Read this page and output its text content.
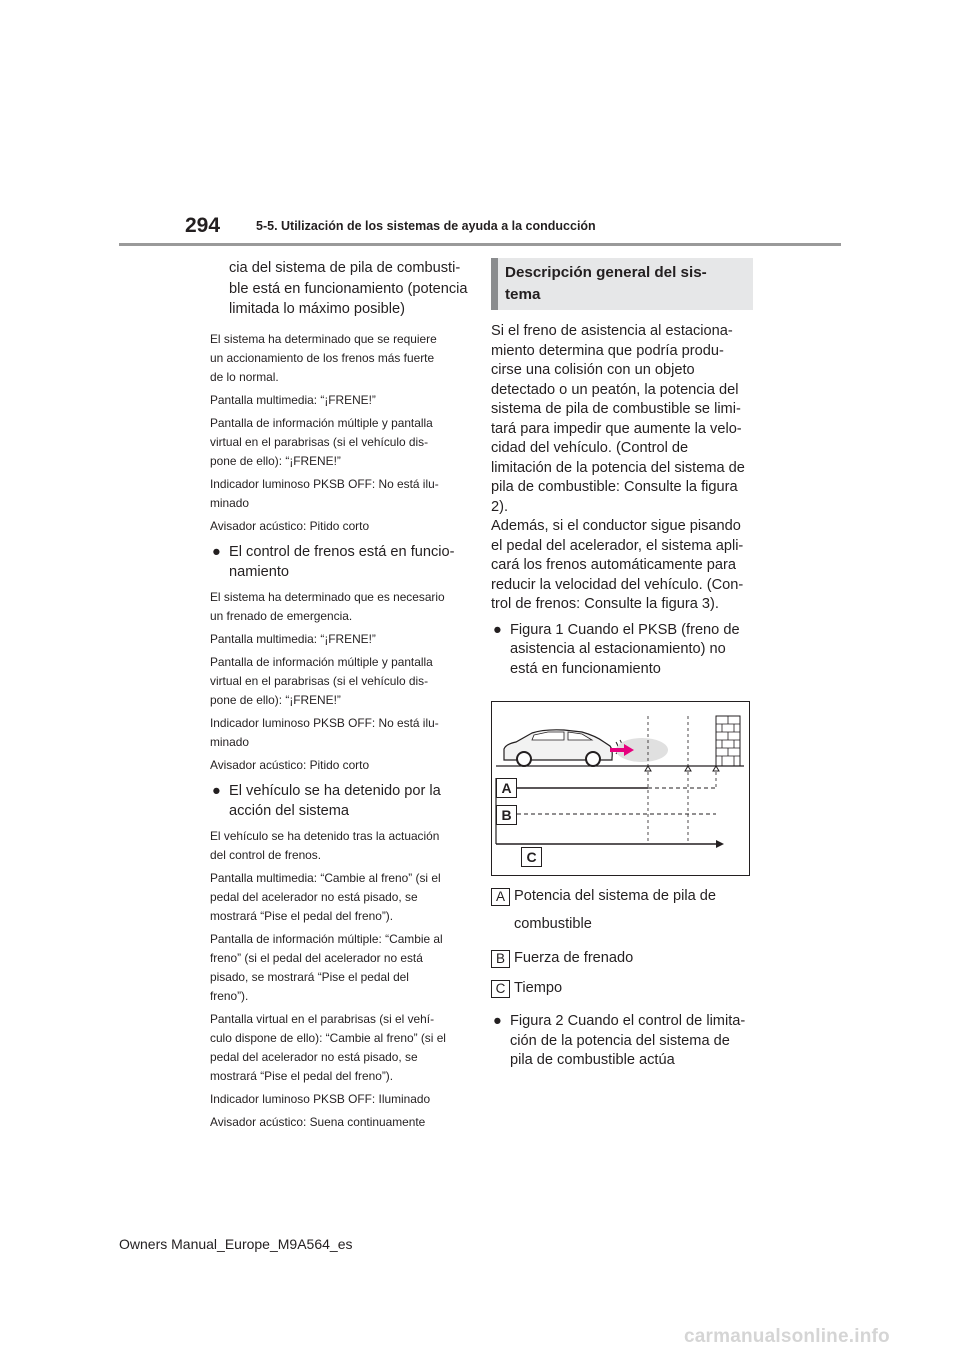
294	5-5. Utilización de los sistemas de ayuda a la conducción

cia del sistema de pila de combusti-
ble está en funcionamiento (potencia
limitada lo máximo posible)

El sistema ha determinado que se requiere
un accionamiento de los frenos más fuerte
de lo normal.

Pantalla multimedia: “¡FRENE!”

Pantalla de información múltiple y pantalla
virtual en el parabrisas (si el vehículo dis-
pone de ello): “¡FRENE!”

Indicador luminoso PKSB OFF: No está ilu-
minado

Avisador acústico: Pitido corto

● El control de frenos está en funcio-
namiento

El sistema ha determinado que es necesario
un frenado de emergencia.

Pantalla multimedia: “¡FRENE!”

Pantalla de información múltiple y pantalla
virtual en el parabrisas (si el vehículo dis-
pone de ello): “¡FRENE!”

Indicador luminoso PKSB OFF: No está ilu-
minado

Avisador acústico: Pitido corto

● El vehículo se ha detenido por la
acción del sistema

El vehículo se ha detenido tras la actuación
del control de frenos.

Pantalla multimedia: “Cambie al freno” (si el
pedal del acelerador no está pisado, se
mostrará “Pise el pedal del freno”).

Pantalla de información múltiple: “Cambie al
freno” (si el pedal del acelerador no está
pisado, se mostrará “Pise el pedal del
freno”).

Pantalla virtual en el parabrisas (si el vehí-
culo dispone de ello): “Cambie al freno” (si el
pedal del acelerador no está pisado, se
mostrará “Pise el pedal del freno”).

Indicador luminoso PKSB OFF: Iluminado

Avisador acústico: Suena continuamente

Descripción general del sis-
tema

Si el freno de asistencia al estaciona-
miento determina que podría produ-
cirse una colisión con un objeto
detectado o un peatón, la potencia del
sistema de pila de combustible se limi-
tará para impedir que aumente la velo-
cidad del vehículo. (Control de
limitación de la potencia del sistema de
pila de combustible: Consulte la figura
2).
Además, si el conductor sigue pisando
el pedal del acelerador, el sistema apli-
cará los frenos automáticamente para
reducir la velocidad del vehículo. (Con-
trol de frenos: Consulte la figura 3).

● Figura 1 Cuando el PKSB (freno de
asistencia al estacionamiento) no
está en funcionamiento
A
B
C
A Potencia del sistema de pila de
combustible
B Fuerza de frenado
C Tiempo
● Figura 2 Cuando el control de limita-
ción de la potencia del sistema de
pila de combustible actúa
Owners Manual_Europe_M9A564_es
carmanualsonline.info
